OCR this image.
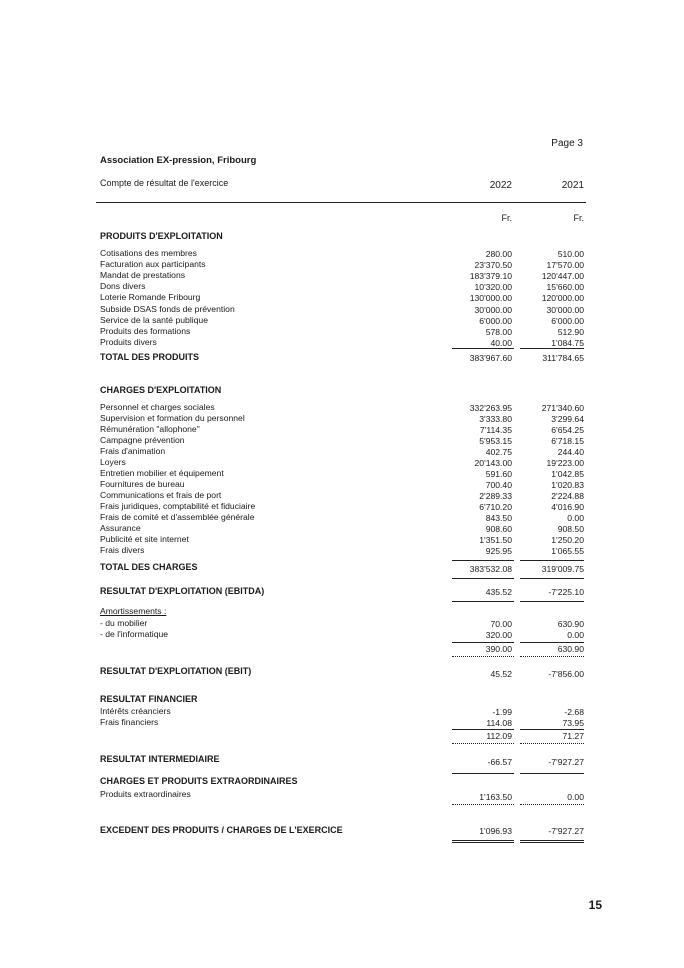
Page 3
Association EX-pression, Fribourg
Compte de résultat de l'exercice	2022	2021
Fr.	Fr.
PRODUITS D'EXPLOITATION
Cotisations des membres	280.00	510.00
Facturation aux participants	23'370.50	17'570.00
Mandat de prestations	183'379.10	120'447.00
Dons divers	10'320.00	15'660.00
Loterie Romande Fribourg	130'000.00	120'000.00
Subside DSAS fonds de prévention	30'000.00	30'000.00
Service de la santé publique	6'000.00	6'000.00
Produits des formations	578.00	512.90
Produits divers	40.00	1'084.75
TOTAL DES PRODUITS	383'967.60	311'784.65
CHARGES D'EXPLOITATION
Personnel et charges sociales	332'263.95	271'340.60
Supervision et formation du personnel	3'333.80	3'299.64
Rémunération "allophone"	7'114.35	6'654.25
Campagne prévention	5'953.15	6'718.15
Frais d'animation	402.75	244.40
Loyers	20'143.00	19'223.00
Entretien mobilier et équipement	591.60	1'042.85
Fournitures de bureau	700.40	1'020.83
Communications et frais de port	2'289.33	2'224.88
Frais juridiques, comptabilité et fiduciaire	6'710.20	4'016.90
Frais de comité et d'assemblée générale	843.50	0.00
Assurance	908.60	908.50
Publicité et site internet	1'351.50	1'250.20
Frais divers	925.95	1'065.55
TOTAL DES CHARGES	383'532.08	319'009.75
RESULTAT D'EXPLOITATION (EBITDA)	435.52	-7'225.10
Amortissements :
- du mobilier	70.00	630.90
- de l'informatique	320.00	0.00
390.00	630.90
RESULTAT D'EXPLOITATION (EBIT)	45.52	-7'856.00
RESULTAT FINANCIER
Intérêts créanciers	-1.99	-2.68
Frais financiers	114.08	73.95
112.09	71.27
RESULTAT INTERMEDIAIRE	-66.57	-7'927.27
CHARGES ET PRODUITS EXTRAORDINAIRES
Produits extraordinaires	1'163.50	0.00
EXCEDENT DES PRODUITS / CHARGES DE L'EXERCICE	1'096.93	-7'927.27
15
